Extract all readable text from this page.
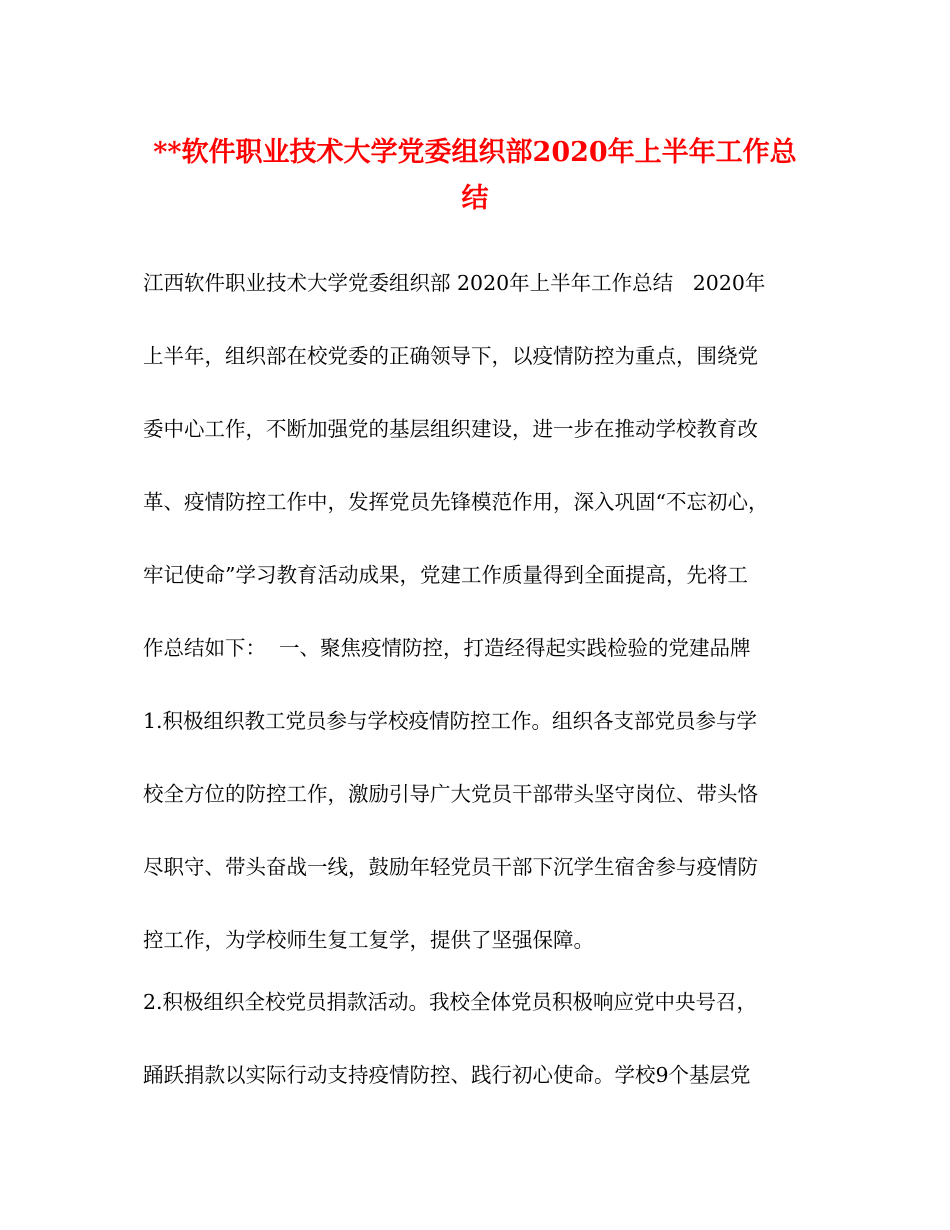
**软件职业技术大学党委组织部2020年上半年工作总
结
江西软件职业技术大学党委组织部 2020年上半年工作总结   2020年
上半年，组织部在校党委的正确领导下，以疫情防控为重点，围绕党
委中心工作，不断加强党的基层组织建设，进一步在推动学校教育改
革、疫情防控工作中，发挥党员先锋模范作用，深入巩固“不忘初心，
牢记使命”学习教育活动成果，党建工作质量得到全面提高，先将工
作总结如下：  一、聚焦疫情防控，打造经得起实践检验的党建品牌
1.积极组织教工党员参与学校疫情防控工作。组织各支部党员参与学
校全方位的防控工作，激励引导广大党员干部带头坚守岗位、带头恪
尽职守、带头奋战一线，鼓励年轻党员干部下沉学生宿舍参与疫情防
控工作，为学校师生复工复学，提供了坚强保障。
2.积极组织全校党员捐款活动。我校全体党员积极响应党中央号召，
踊跃捐款以实际行动支持疫情防控、践行初心使命。学校9个基层党
